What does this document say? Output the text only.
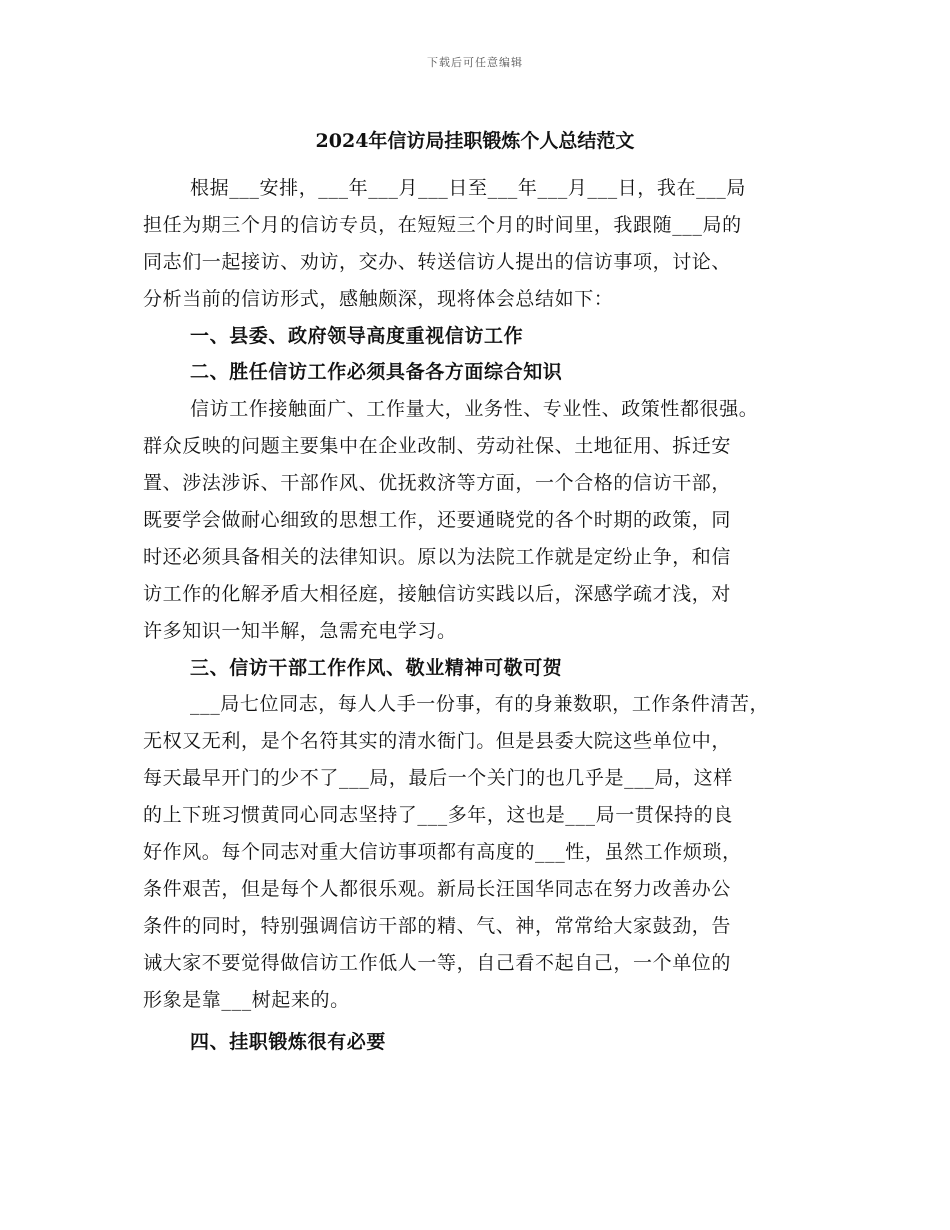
下载后可任意编辑
2024年信访局挂职锻炼个人总结范文
根据___安排，___年___月___日至___年___月___日，我在___局
担任为期三个月的信访专员，在短短三个月的时间里，我跟随___局的
同志们一起接访、劝访，交办、转送信访人提出的信访事项，讨论、
分析当前的信访形式，感触颇深，现将体会总结如下：
一、县委、政府领导高度重视信访工作
二、胜任信访工作必须具备各方面综合知识
信访工作接触面广、工作量大，业务性、专业性、政策性都很强。
群众反映的问题主要集中在企业改制、劳动社保、土地征用、拆迁安
置、涉法涉诉、干部作风、优抚救济等方面，一个合格的信访干部，
既要学会做耐心细致的思想工作，还要通晓党的各个时期的政策，同
时还必须具备相关的法律知识。原以为法院工作就是定纷止争，和信
访工作的化解矛盾大相径庭，接触信访实践以后，深感学疏才浅，对
许多知识一知半解，急需充电学习。
三、信访干部工作作风、敬业精神可敬可贺
___局七位同志，每人人手一份事，有的身兼数职，工作条件清苦，
无权又无利，是个名符其实的清水衙门。但是县委大院这些单位中，
每天最早开门的少不了___局，最后一个关门的也几乎是___局，这样
的上下班习惯黄同心同志坚持了___多年，这也是___局一贯保持的良
好作风。每个同志对重大信访事项都有高度的___性，虽然工作烦琐，
条件艰苦，但是每个人都很乐观。新局长汪国华同志在努力改善办公
条件的同时，特别强调信访干部的精、气、神，常常给大家鼓劲，告
诫大家不要觉得做信访工作低人一等，自己看不起自己，一个单位的
形象是靠___树起来的。
四、挂职锻炼很有必要
